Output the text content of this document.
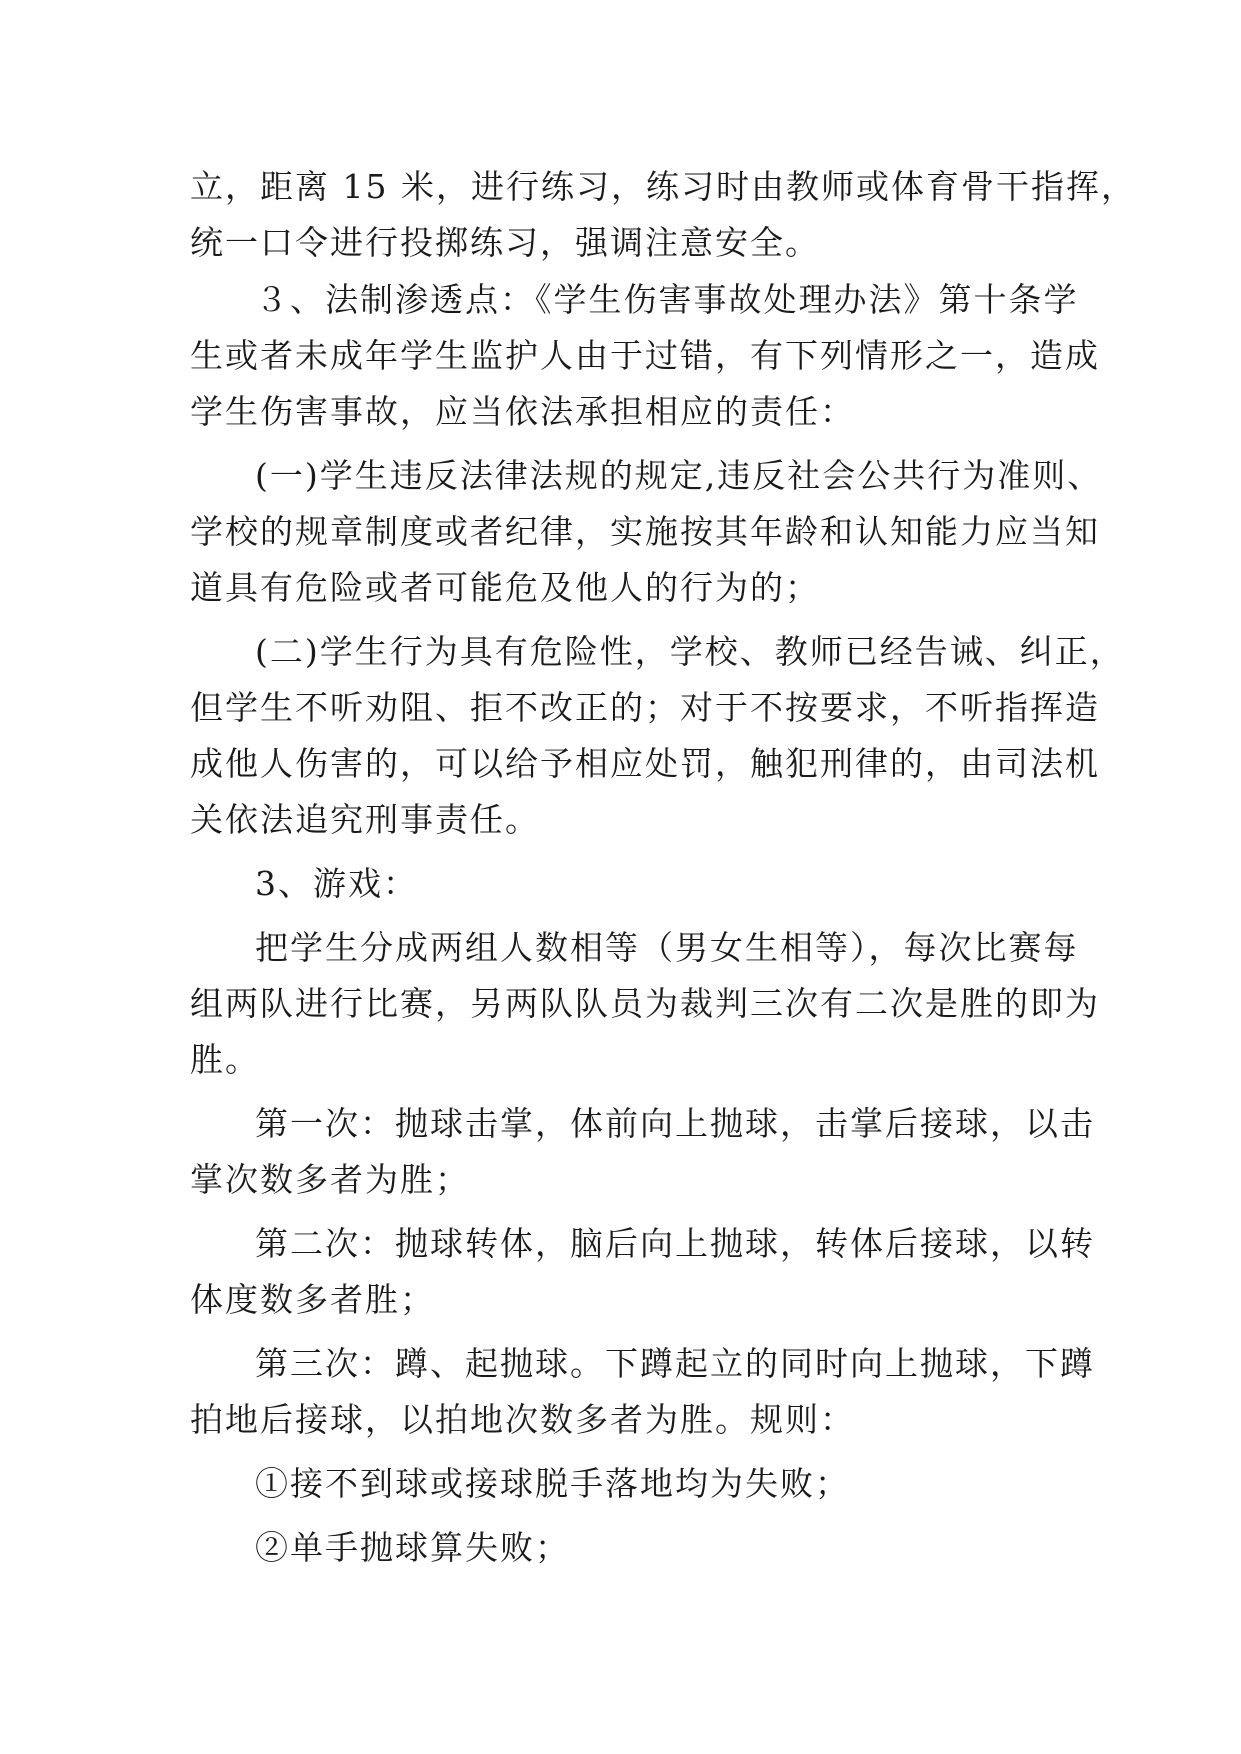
立，距离 15 米，进行练习，练习时由教师或体育骨干指挥，
统一口令进行投掷练习，强调注意安全。
３、法制渗透点：《学生伤害事故处理办法》第十条学
生或者未成年学生监护人由于过错，有下列情形之一，造成
学生伤害事故，应当依法承担相应的责任：
(一)学生违反法律法规的规定,违反社会公共行为准则、
学校的规章制度或者纪律，实施按其年龄和认知能力应当知
道具有危险或者可能危及他人的行为的；
(二)学生行为具有危险性，学校、教师已经告诫、纠正，
但学生不听劝阻、拒不改正的；对于不按要求，不听指挥造
成他人伤害的，可以给予相应处罚，触犯刑律的，由司法机
关依法追究刑事责任。
3、游戏：
把学生分成两组人数相等（男女生相等），每次比赛每
组两队进行比赛，另两队队员为裁判三次有二次是胜的即为
胜。
第一次：抛球击掌，体前向上抛球，击掌后接球，以击
掌次数多者为胜；
第二次：抛球转体，脑后向上抛球，转体后接球，以转
体度数多者胜；
第三次：蹲、起抛球。下蹲起立的同时向上抛球，下蹲
拍地后接球，以拍地次数多者为胜。规则：
①接不到球或接球脱手落地均为失败；
②单手抛球算失败；
